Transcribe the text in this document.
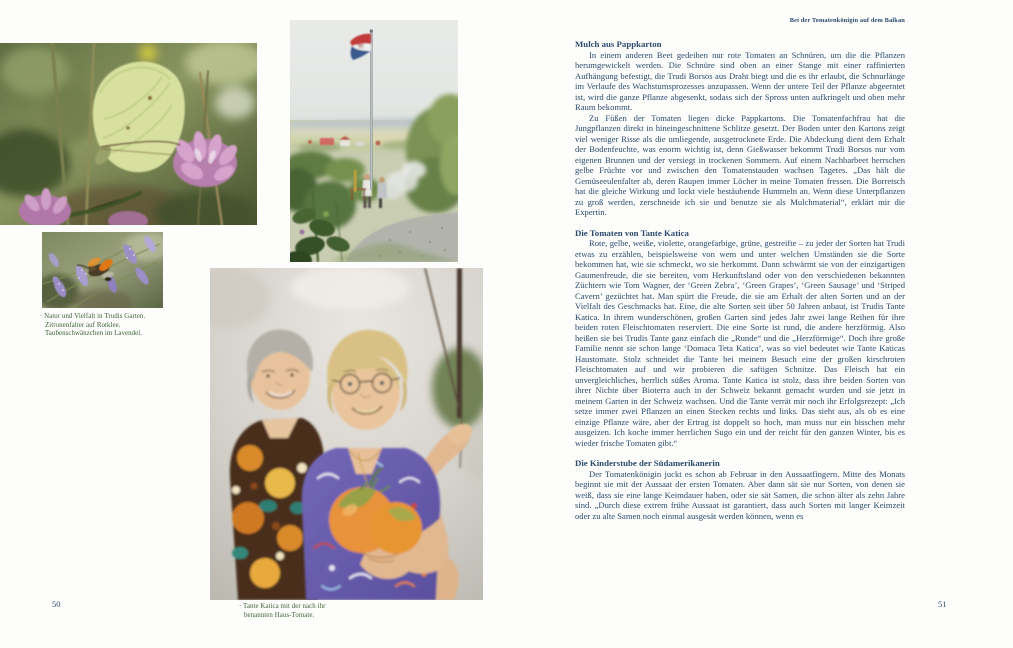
· Natur und Vielfalt in Trudis Garten.
Zitronenfalter auf Rotklee.
Taubenschwänzchen im Lavendel.
· Tante Katica mit der nach ihr
benannten Haus-Tomate.
50
Bei der Tomatenkönigin auf dem Balkan
Mulch aus Pappkarton

In einem anderen Beet gedeihen nur rote Tomaten an Schnüren, um die die Pflanzen herumgewickelt werden. Die Schnüre sind oben an einer Stange mit einer raffinierten Aufhängung befestigt, die Trudi Borsos aus Draht biegt und die es ihr erlaubt, die Schnurlänge im Verlaufe des Wachstumsprozesses anzupassen. Wenn der untere Teil der Pflanze abgeerntet ist, wird die ganze Pflanze abgesenkt, sodass sich der Spross unten aufkringelt und oben mehr Raum bekommt.

Zu Füßen der Tomaten liegen dicke Pappkartons. Die Tomatenfachfrau hat die Jungpflanzen direkt in hineingeschnittene Schlitze gesetzt. Der Boden unter den Kartons zeigt viel weniger Risse als die umliegende, ausgetrocknete Erde. Die Abdeckung dient dem Erhalt der Bodenfeuchte, was enorm wichtig ist, denn Gießwasser bekommt Trudi Borsos nur vom eigenen Brunnen und der versiegt in trockenen Sommern. Auf einem Nachbarbeet herrschen gelbe Früchte vor und zwischen den Tomatenstauden wachsen Tagetes. „Das hält die Gemüseeulenfalter ab, deren Raupen immer Löcher in meine Tomaten fressen. Die Borretsch hat die gleiche Wirkung und lockt viele bestäubende Hummeln an. Wenn diese Unterpflanzen zu groß werden, zerschneide ich sie und benutze sie als Mulchmaterial“, erklärt mir die Expertin.

Die Tomaten von Tante Katica

Rote, gelbe, weiße, violette, orangefarbige, grüne, gestreifte – zu jeder der Sorten hat Trudi etwas zu erzählen, beispielsweise von wem und unter welchen Umständen sie die Sorte bekommen hat, wie sie schmeckt, wo sie herkommt. Dann schwärmt sie von der einzigartigen Gaumenfreude, die sie bereiten, vom Herkunftsland oder von den verschiedenen bekannten Züchtern wie Tom Wagner, der ‘Green Zebra’, ‘Green Grapes’, ‘Green Sausage’ und ‘Striped Cavern’ gezüchtet hat. Man spürt die Freude, die sie am Erhalt der alten Sorten und an der Vielfalt des Geschmacks hat. Eine, die alte Sorten seit über 50 Jahren anbaut, ist Trudis Tante Katica. In ihrem wunderschönen, großen Garten sind jedes Jahr zwei lange Reihen für ihre beiden roten Fleischtomaten reserviert. Die eine Sorte ist rund, die andere herzförmig. Also heißen sie bei Trudis Tante ganz einfach die „Runde“ und die „Herzförmige“. Doch ihre große Familie nennt sie schon lange ‘Domaca Teta Katica’, was so viel bedeutet wie Tante Katicas Haustomate. Stolz schneidet die Tante bei meinem Besuch eine der großen kirschroten Fleischtomaten auf und wir probieren die saftigen Schnitze. Das Fleisch hat ein unvergleichliches, herrlich süßes Aroma. Tante Katica ist stolz, dass ihre beiden Sorten von ihrer Nichte über Bioterra auch in der Schweiz bekannt gemacht wurden und sie jetzt in meinem Garten in der Schweiz wachsen. Und die Tante verrät mir noch ihr Erfolgsrezept: „Ich setze immer zwei Pflanzen an einen Stecken rechts und links. Das sieht aus, als ob es eine einzige Pflanze wäre, aber der Ertrag ist doppelt so hoch, man muss nur ein bisschen mehr ausgeizen. Ich koche immer herrlichen Sugo ein und der reicht für den ganzen Winter, bis es wieder frische Tomaten gibt.“

Die Kinderstube der Südamerikanerin

Der Tomatenkönigin juckt es schon ab Februar in den Aussaatfingern. Mitte des Monats beginnt sie mit der Aussaat der ersten Tomaten. Aber dann sät sie nur Sorten, von denen sie weiß, dass sie eine lange Keimdauer haben, oder sie sät Samen, die schon älter als zehn Jahre sind. „Durch diese extrem frühe Aussaat ist garantiert, dass auch Sorten mit langer Keimzeit oder zu alte Samen noch einmal ausgesät werden können, wenn es

51
